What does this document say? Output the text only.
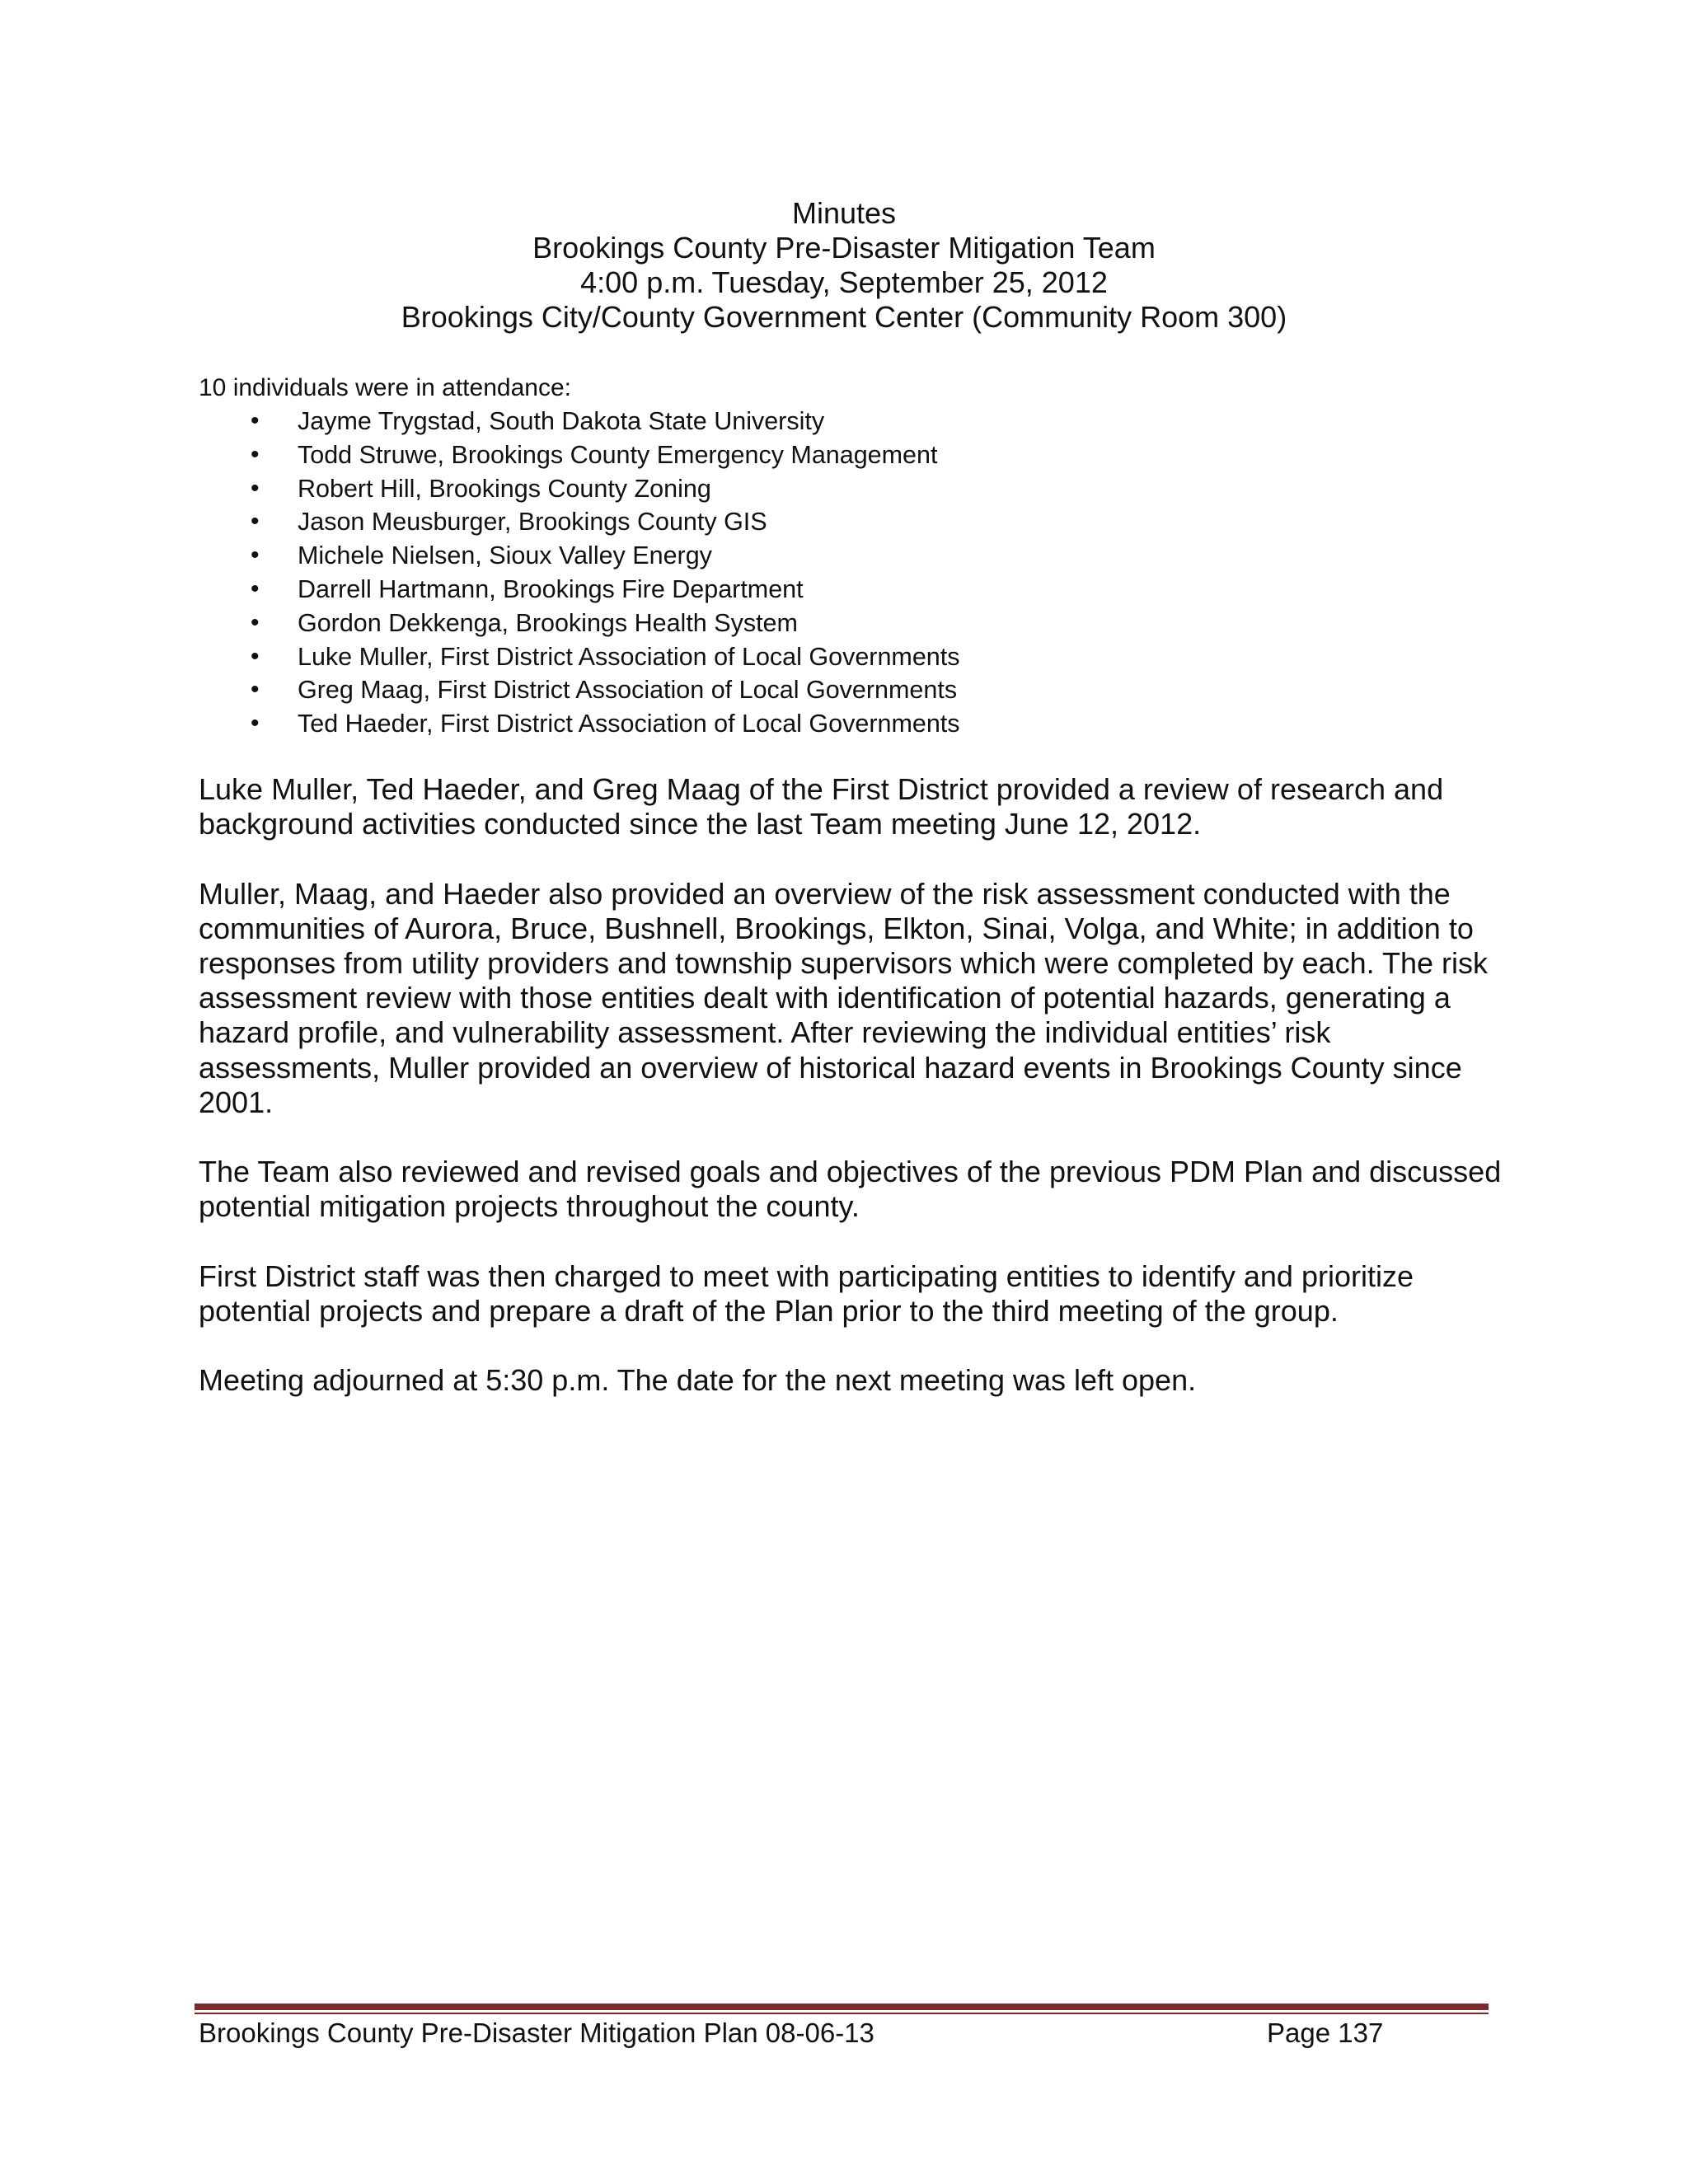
Minutes
Brookings County Pre-Disaster Mitigation Team
4:00 p.m. Tuesday, September 25, 2012
Brookings City/County Government Center (Community Room 300)

10 individuals were in attendance:

• Jayme Trygstad, South Dakota State University
• Todd Struwe, Brookings County Emergency Management
• Robert Hill, Brookings County Zoning
• Jason Meusburger, Brookings County GIS
• Michele Nielsen, Sioux Valley Energy
• Darrell Hartmann, Brookings Fire Department
• Gordon Dekkenga, Brookings Health System
• Luke Muller, First District Association of Local Governments
• Greg Maag, First District Association of Local Governments
• Ted Haeder, First District Association of Local Governments

Luke Muller, Ted Haeder, and Greg Maag of the First District provided a review of research and background activities conducted since the last Team meeting June 12, 2012.

Muller, Maag, and Haeder also provided an overview of the risk assessment conducted with the communities of Aurora, Bruce, Bushnell, Brookings, Elkton, Sinai, Volga, and White; in addition to responses from utility providers and township supervisors which were completed by each. The risk assessment review with those entities dealt with identification of potential hazards, generating a hazard profile, and vulnerability assessment. After reviewing the individual entities’ risk assessments, Muller provided an overview of historical hazard events in Brookings County since 2001.

The Team also reviewed and revised goals and objectives of the previous PDM Plan and discussed potential mitigation projects throughout the county.

First District staff was then charged to meet with participating entities to identify and prioritize potential projects and prepare a draft of the Plan prior to the third meeting of the group.

Meeting adjourned at 5:30 p.m. The date for the next meeting was left open.

Brookings County Pre-Disaster Mitigation Plan 08-06-13	Page 137
